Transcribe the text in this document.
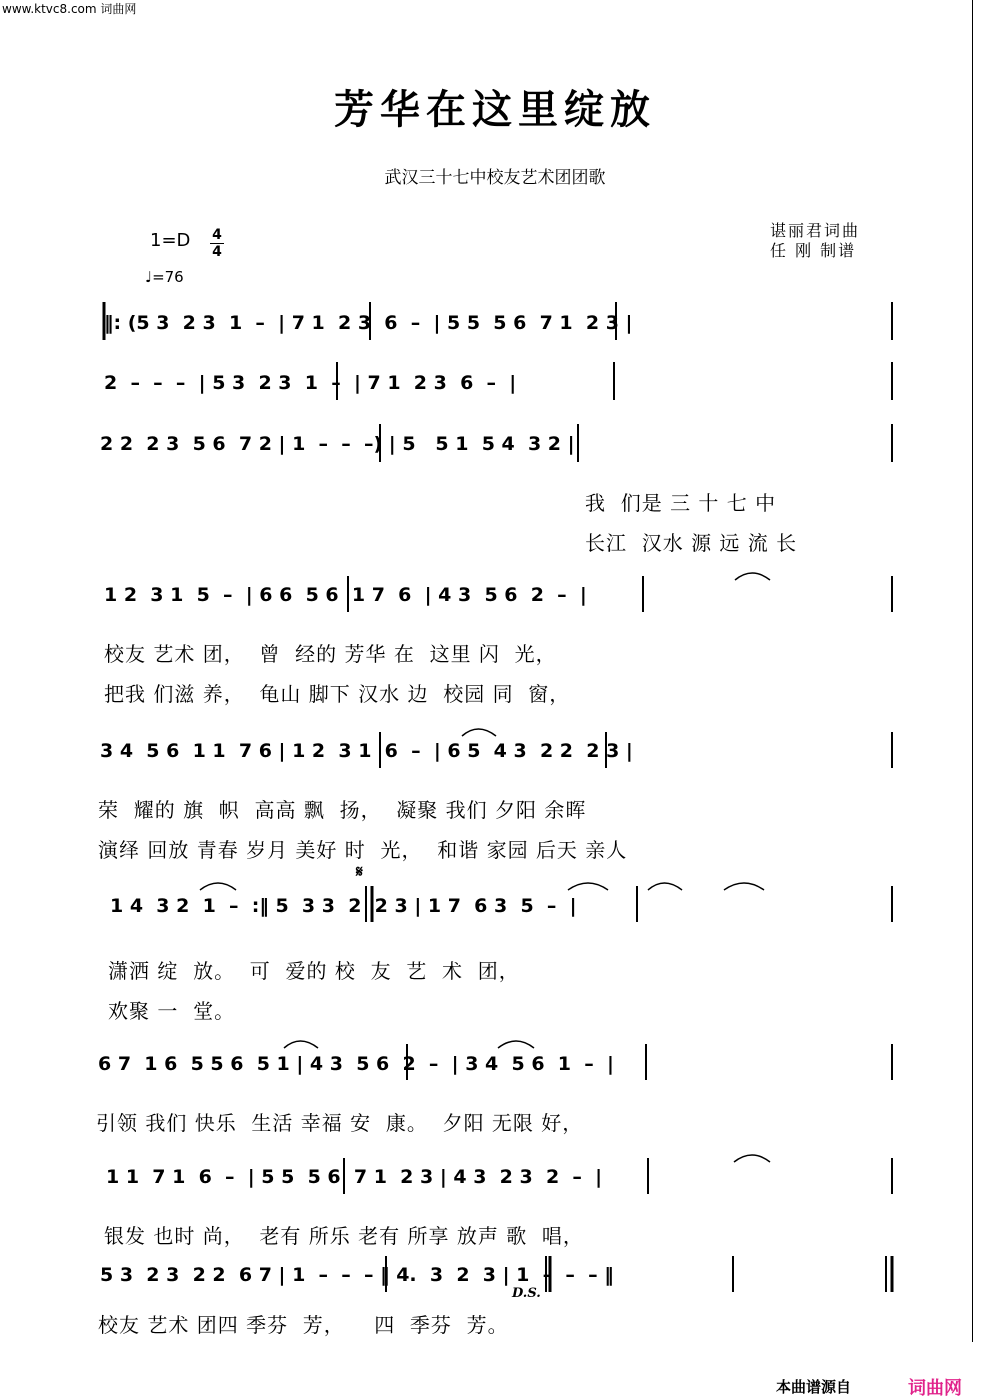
www.ktvc8.com 词曲网
芳华在这里绽放
武汉三十七中校友艺术团团歌
谌丽君词曲
任 刚 制谱
1=D 4
4
♩=76
‖: (5 3  2 3  1  –  | 7 1  2 3  6  –  | 5 5  5 6  7 1  2 3 |
2  –  –  –  | 5 3  2 3  1  –  | 7 1  2 3  6  –  |
2 2  2 3  5 6  7 2 | 1  –  –  –) | 5   5 1  5 4  3 2 |
1 2  3 1  5  –  | 6 6  5 6  1 7  6  | 4 3  5 6  2  –  |
3 4  5 6  1 1  7 6 | 1 2  3 1  6  –  | 6 5  4 3  2 2  2 3 |
1 4  3 2  1  –  :‖ 5  3 3  2  2 3 | 1 7  6 3  5  –  |
6 7  1 6  5 5 6  5 1 | 4 3  5 6  2  –  | 3 4  5 6  1  –  |
1 1  7 1  6  –  | 5 5  5 6  7 1  2 3 | 4 3  2 3  2  –  |
5 3  2 3  2 2  6 7 | 1  –  –  – ‖ 4.  3  2  3 | 1  –  –  – ‖
𝄋
D.S.
我  们是 三 十 七 中
长江  汉水 源 远 流 长
校友 艺术 团，  曾  经的 芳华 在  这里 闪  光，
把我 们滋 养，  龟山 脚下 汉水 边  校园 同  窗，
荣  耀的 旗  帜  高高 飘  扬，  凝聚 我们 夕阳 余晖
演绎 回放 青春 岁月 美好 时  光，  和谐 家园 后天 亲人
潇洒 绽  放。  可  爱的 校  友  艺  术  团，
欢聚 一  堂。
引领 我们 快乐  生活 幸福 安  康。  夕阳 无限 好，
银发 也时 尚，  老有 所乐 老有 所享 放声 歌  唱，
校友 艺术 团四 季芬  芳，    四  季芬  芳。
本曲谱源自	词曲网
